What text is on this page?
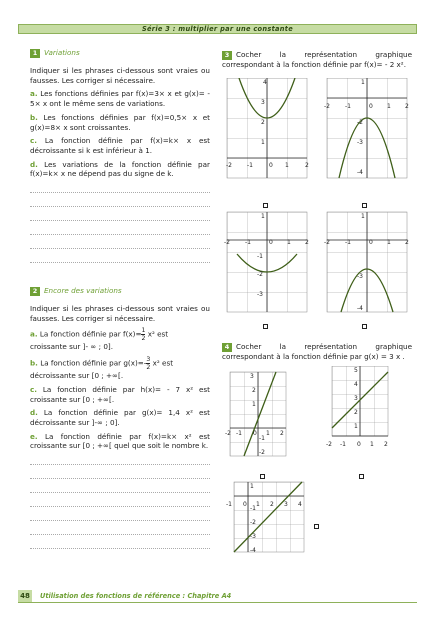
Série 3 : multiplier par une constante
1 Variations
Indiquer si les phrases ci-dessous sont vraies ou fausses. Les corriger si nécessaire.
a. Les fonctions définies par f(x)=3× x et g(x)= - 5× x ont le même sens de variations.
b. Les fonctions définies par f(x)=0,5× x et g(x)=8× x sont croissantes.
c. La fonction définie par f(x)=k× x est décroissante si k est inférieur à 1.
d. Les variations de la fonction définie par f(x)=k× x ne dépend pas du signe de k.
2 Encore des variations
Indiquer si les phrases ci-dessous sont vraies ou fausses. Les corriger si nécessaire.
a. La fonction définie par $f(x)= \frac{1}{2} x^2$ est
croissante sur ]- ∞ ; 0].
b. La fonction définie par $g(x)=- \frac{3}{2} x^2$ est
décroissante sur [0 ; +∞[.
c. La fonction définie par h(x)= - 7 x² est croissante sur [0 ; +∞[.
d. La fonction définie par g(x)= 1,4 x² est décroissante sur ]-∞ ; 0].
e. La fonction définie par f(x)=k× x² est croissante sur [0 ; +∞[ quel que soit le nombre k.
3 Cocher la représentation graphique correspondant à la fonction définie par f(x)= - 2 x².
4
3
2
1
-2	-1	0 1	2
1
-2
-3
-4
-2	-1	0 1 2
1
-1
-2
-3
-2	-1	0 1 2
1
-3
-4
-2	-1	0 1 2
4 Cocher la représentation graphique correspondant à la fonction définie par g(x) = 3 x .
3
2
1
-1
-2
-2 -1 0 1 2
5
4
3
2
1
-2 -1 0 1 2
1
-1
-2
-3
-4
-1 0 1 2 3 4
48	Utilisation des fonctions de référence : Chapitre A4
